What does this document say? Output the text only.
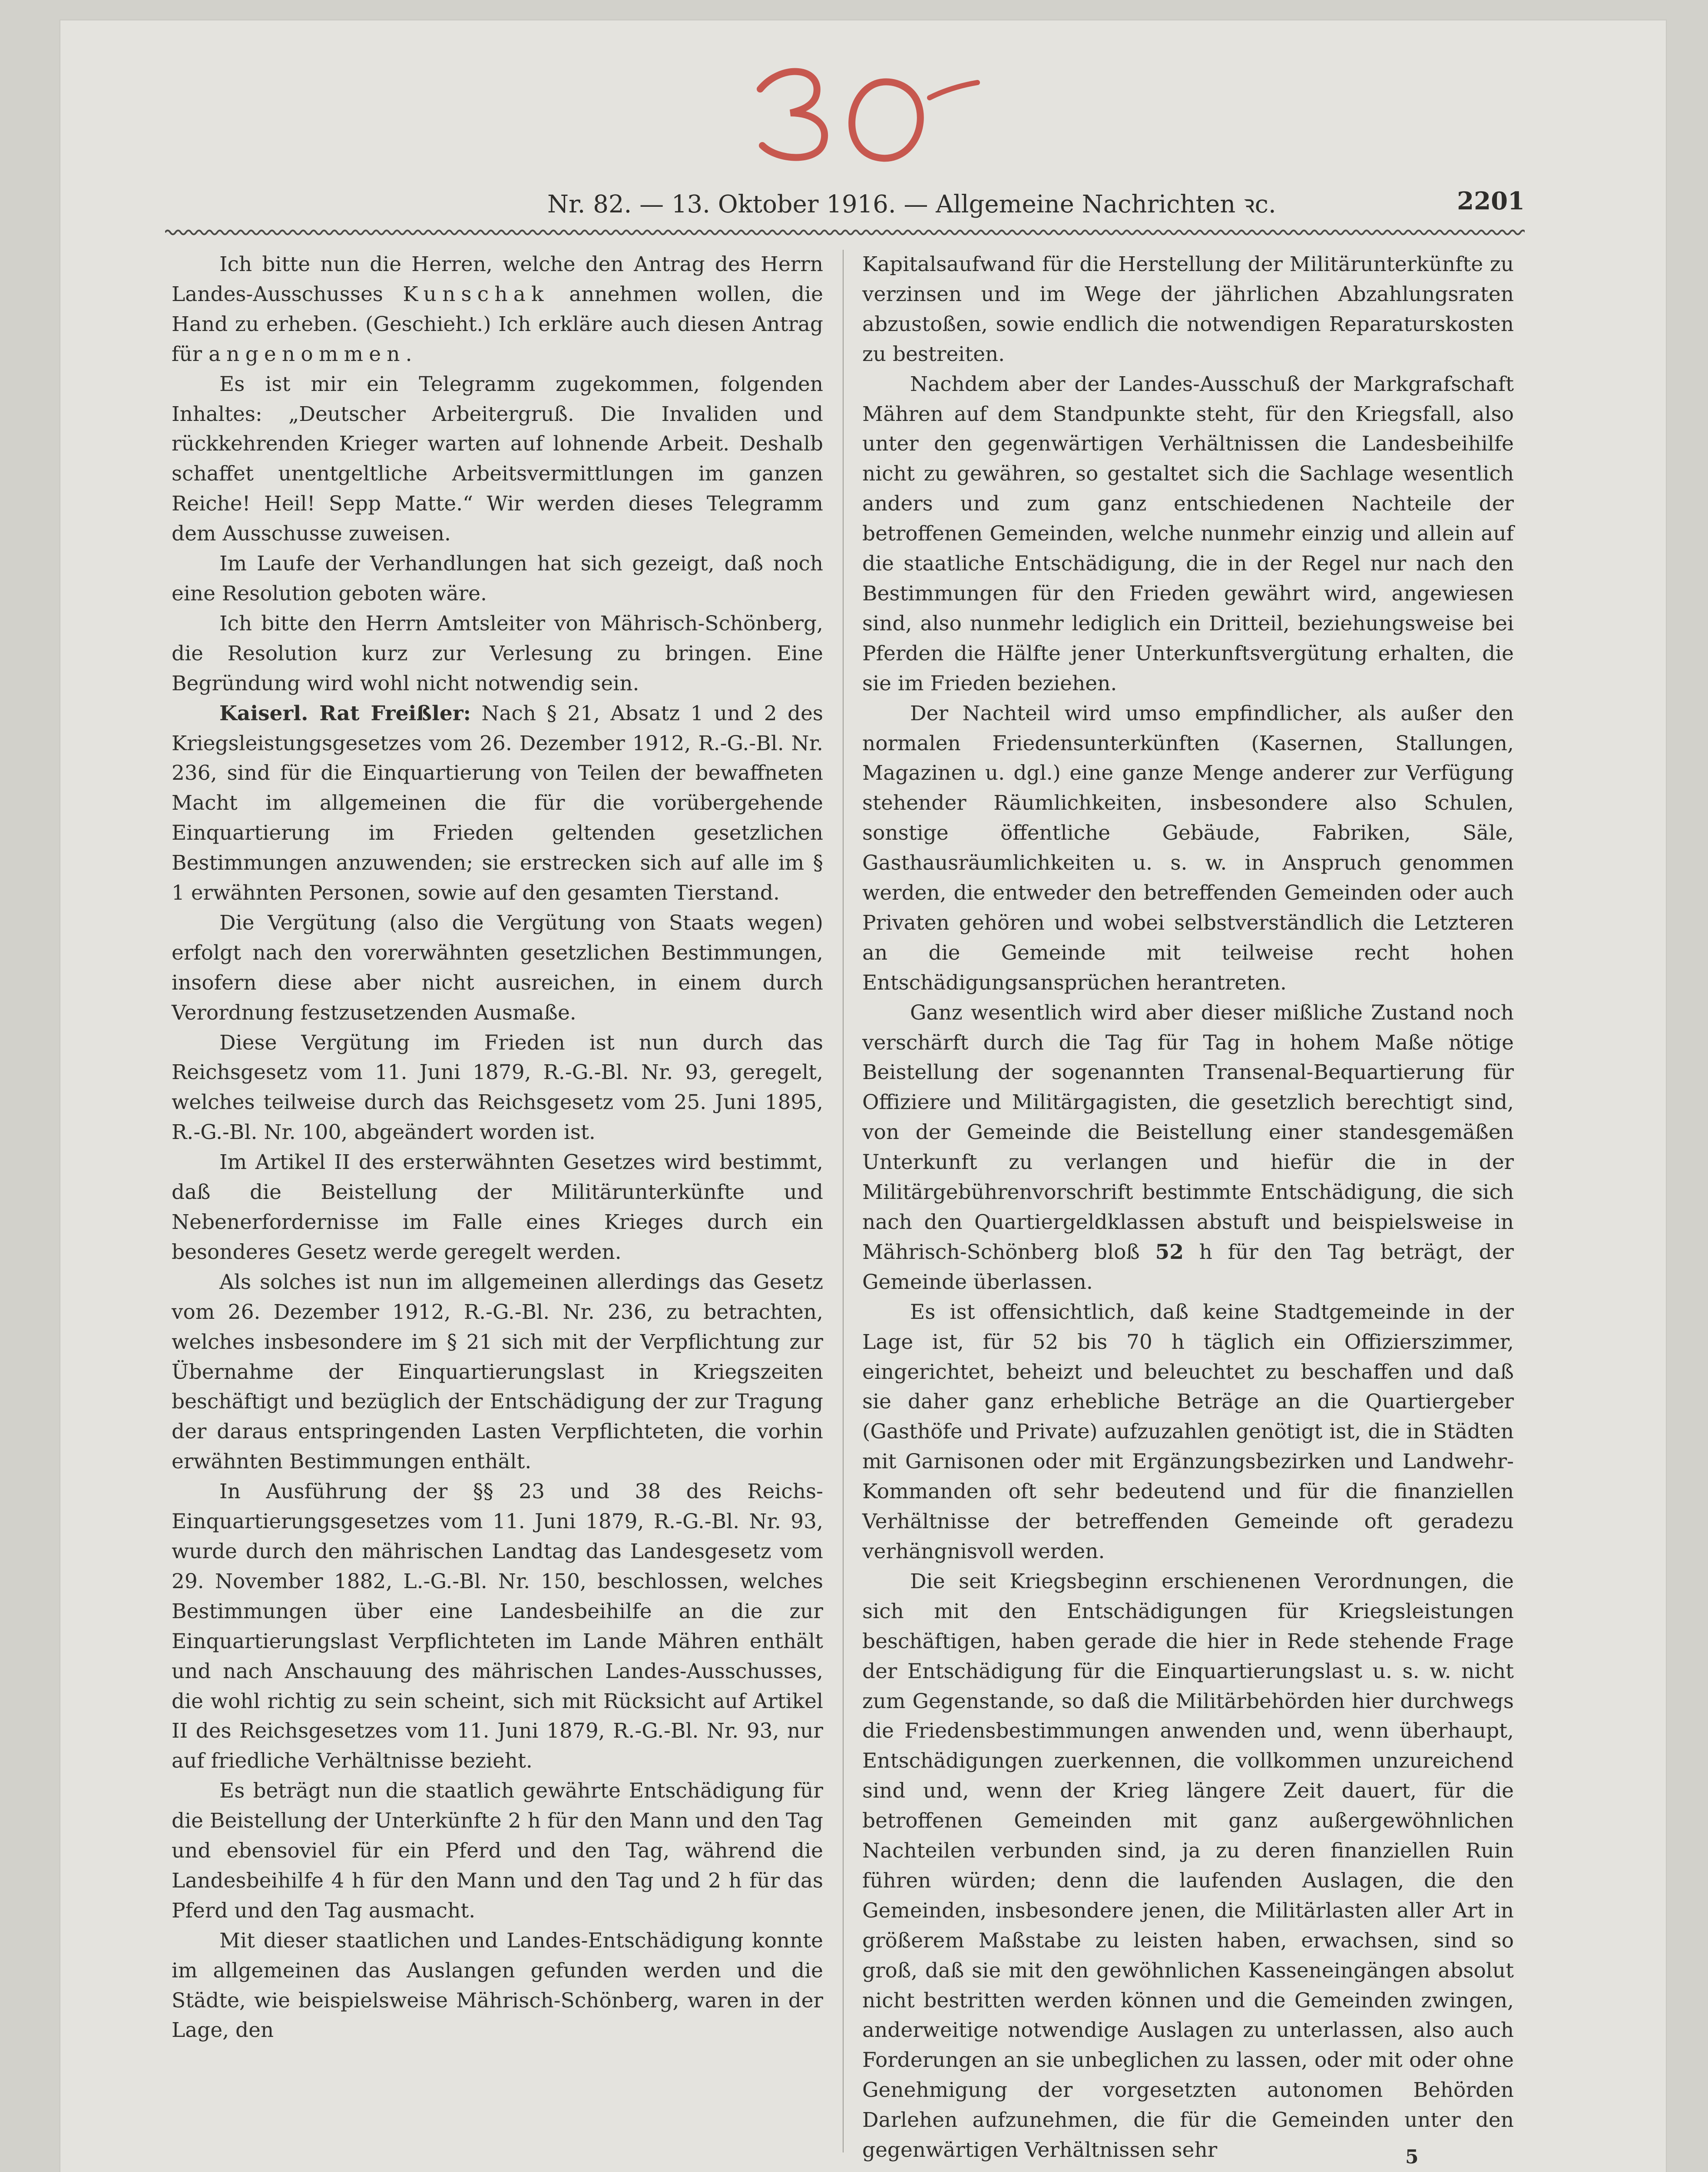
Nr. 82. — 13. Oktober 1916. — Allgemeine Nachrichten ꝛc.	2201

Ich bitte nun die Herren, welche den Antrag des Herrn Landes-Ausschusses Kunschak annehmen wollen, die Hand zu erheben. (Geschieht.) Ich erkläre auch diesen Antrag für angenommen.

Es ist mir ein Telegramm zugekommen, folgenden Inhaltes: „Deutscher Arbeitergruß. Die Invaliden und rückkehrenden Krieger warten auf lohnende Arbeit. Deshalb schaffet unentgeltliche Arbeitsvermittlungen im ganzen Reiche! Heil! Sepp Matte.“ Wir werden dieses Telegramm dem Ausschusse zuweisen.

Im Laufe der Verhandlungen hat sich gezeigt, daß noch eine Resolution geboten wäre.

Ich bitte den Herrn Amtsleiter von Mährisch-Schönberg, die Resolution kurz zur Verlesung zu bringen. Eine Begründung wird wohl nicht notwendig sein.

Kaiserl. Rat Freißler: Nach § 21, Absatz 1 und 2 des Kriegsleistungsgesetzes vom 26. Dezember 1912, R.-G.-Bl. Nr. 236, sind für die Einquartierung von Teilen der bewaffneten Macht im allgemeinen die für die vorübergehende Einquartierung im Frieden geltenden gesetzlichen Bestimmungen anzuwenden; sie erstrecken sich auf alle im § 1 erwähnten Personen, sowie auf den gesamten Tierstand.

Die Vergütung (also die Vergütung von Staats wegen) erfolgt nach den vorerwähnten gesetzlichen Bestimmungen, insofern diese aber nicht ausreichen, in einem durch Verordnung festzusetzenden Ausmaße.

Diese Vergütung im Frieden ist nun durch das Reichsgesetz vom 11. Juni 1879, R.-G.-Bl. Nr. 93, geregelt, welches teilweise durch das Reichsgesetz vom 25. Juni 1895, R.-G.-Bl. Nr. 100, abgeändert worden ist.

Im Artikel II des ersterwähnten Gesetzes wird bestimmt, daß die Beistellung der Militärunterkünfte und Nebenerfordernisse im Falle eines Krieges durch ein besonderes Gesetz werde geregelt werden.

Als solches ist nun im allgemeinen allerdings das Gesetz vom 26. Dezember 1912, R.-G.-Bl. Nr. 236, zu betrachten, welches insbesondere im § 21 sich mit der Verpflichtung zur Übernahme der Einquartierungslast in Kriegszeiten beschäftigt und bezüglich der Entschädigung der zur Tragung der daraus entspringenden Lasten Verpflichteten, die vorhin erwähnten Bestimmungen enthält.

In Ausführung der §§ 23 und 38 des Reichs-Einquartierungsgesetzes vom 11. Juni 1879, R.-G.-Bl. Nr. 93, wurde durch den mährischen Landtag das Landesgesetz vom 29. November 1882, L.-G.-Bl. Nr. 150, beschlossen, welches Bestimmungen über eine Landesbeihilfe an die zur Einquartierungslast Verpflichteten im Lande Mähren enthält und nach Anschauung des mährischen Landes-Ausschusses, die wohl richtig zu sein scheint, sich mit Rücksicht auf Artikel II des Reichsgesetzes vom 11. Juni 1879, R.-G.-Bl. Nr. 93, nur auf friedliche Verhältnisse bezieht.

Es beträgt nun die staatlich gewährte Entschädigung für die Beistellung der Unterkünfte 2 h für den Mann und den Tag und ebensoviel für ein Pferd und den Tag, während die Landesbeihilfe 4 h für den Mann und den Tag und 2 h für das Pferd und den Tag ausmacht.

Mit dieser staatlichen und Landes-Entschädigung konnte im allgemeinen das Auslangen gefunden werden und die Städte, wie beispielsweise Mährisch-Schönberg, waren in der Lage, den

Kapitalsaufwand für die Herstellung der Militärunterkünfte zu verzinsen und im Wege der jährlichen Abzahlungsraten abzustoßen, sowie endlich die notwendigen Reparaturskosten zu bestreiten.

Nachdem aber der Landes-Ausschuß der Markgrafschaft Mähren auf dem Standpunkte steht, für den Kriegsfall, also unter den gegenwärtigen Verhältnissen die Landesbeihilfe nicht zu gewähren, so gestaltet sich die Sachlage wesentlich anders und zum ganz entschiedenen Nachteile der betroffenen Gemeinden, welche nunmehr einzig und allein auf die staatliche Entschädigung, die in der Regel nur nach den Bestimmungen für den Frieden gewährt wird, angewiesen sind, also nunmehr lediglich ein Dritteil, beziehungsweise bei Pferden die Hälfte jener Unterkunftsvergütung erhalten, die sie im Frieden beziehen.

Der Nachteil wird umso empfindlicher, als außer den normalen Friedensunterkünften (Kasernen, Stallungen, Magazinen u. dgl.) eine ganze Menge anderer zur Verfügung stehender Räumlichkeiten, insbesondere also Schulen, sonstige öffentliche Gebäude, Fabriken, Säle, Gasthausräumlichkeiten u. s. w. in Anspruch genommen werden, die entweder den betreffenden Gemeinden oder auch Privaten gehören und wobei selbstverständlich die Letzteren an die Gemeinde mit teilweise recht hohen Entschädigungsansprüchen herantreten.

Ganz wesentlich wird aber dieser mißliche Zustand noch verschärft durch die Tag für Tag in hohem Maße nötige Beistellung der sogenannten Transenal-Bequartierung für Offiziere und Militärgagisten, die gesetzlich berechtigt sind, von der Gemeinde die Beistellung einer standesgemäßen Unterkunft zu verlangen und hiefür die in der Militärgebührenvorschrift bestimmte Entschädigung, die sich nach den Quartiergeldklassen abstuft und beispielsweise in Mährisch-Schönberg bloß 52 h für den Tag beträgt, der Gemeinde überlassen.

Es ist offensichtlich, daß keine Stadtgemeinde in der Lage ist, für 52 bis 70 h täglich ein Offizierszimmer, eingerichtet, beheizt und beleuchtet zu beschaffen und daß sie daher ganz erhebliche Beträge an die Quartiergeber (Gasthöfe und Private) aufzuzahlen genötigt ist, die in Städten mit Garnisonen oder mit Ergänzungsbezirken und Landwehr-Kommanden oft sehr bedeutend und für die finanziellen Verhältnisse der betreffenden Gemeinde oft geradezu verhängnisvoll werden.

Die seit Kriegsbeginn erschienenen Verordnungen, die sich mit den Entschädigungen für Kriegsleistungen beschäftigen, haben gerade die hier in Rede stehende Frage der Entschädigung für die Einquartierungslast u. s. w. nicht zum Gegenstande, so daß die Militärbehörden hier durchwegs die Friedensbestimmungen anwenden und, wenn überhaupt, Entschädigungen zuerkennen, die vollkommen unzureichend sind und, wenn der Krieg längere Zeit dauert, für die betroffenen Gemeinden mit ganz außergewöhnlichen Nachteilen verbunden sind, ja zu deren finanziellen Ruin führen würden; denn die laufenden Auslagen, die den Gemeinden, insbesondere jenen, die Militärlasten aller Art in größerem Maßstabe zu leisten haben, erwachsen, sind so groß, daß sie mit den gewöhnlichen Kasseneingängen absolut nicht bestritten werden können und die Gemeinden zwingen, anderweitige notwendige Auslagen zu unterlassen, also auch Forderungen an sie unbeglichen zu lassen, oder mit oder ohne Genehmigung der vorgesetzten autonomen Behörden Darlehen aufzunehmen, die für die Gemeinden unter den gegenwärtigen Verhältnissen sehr	5
